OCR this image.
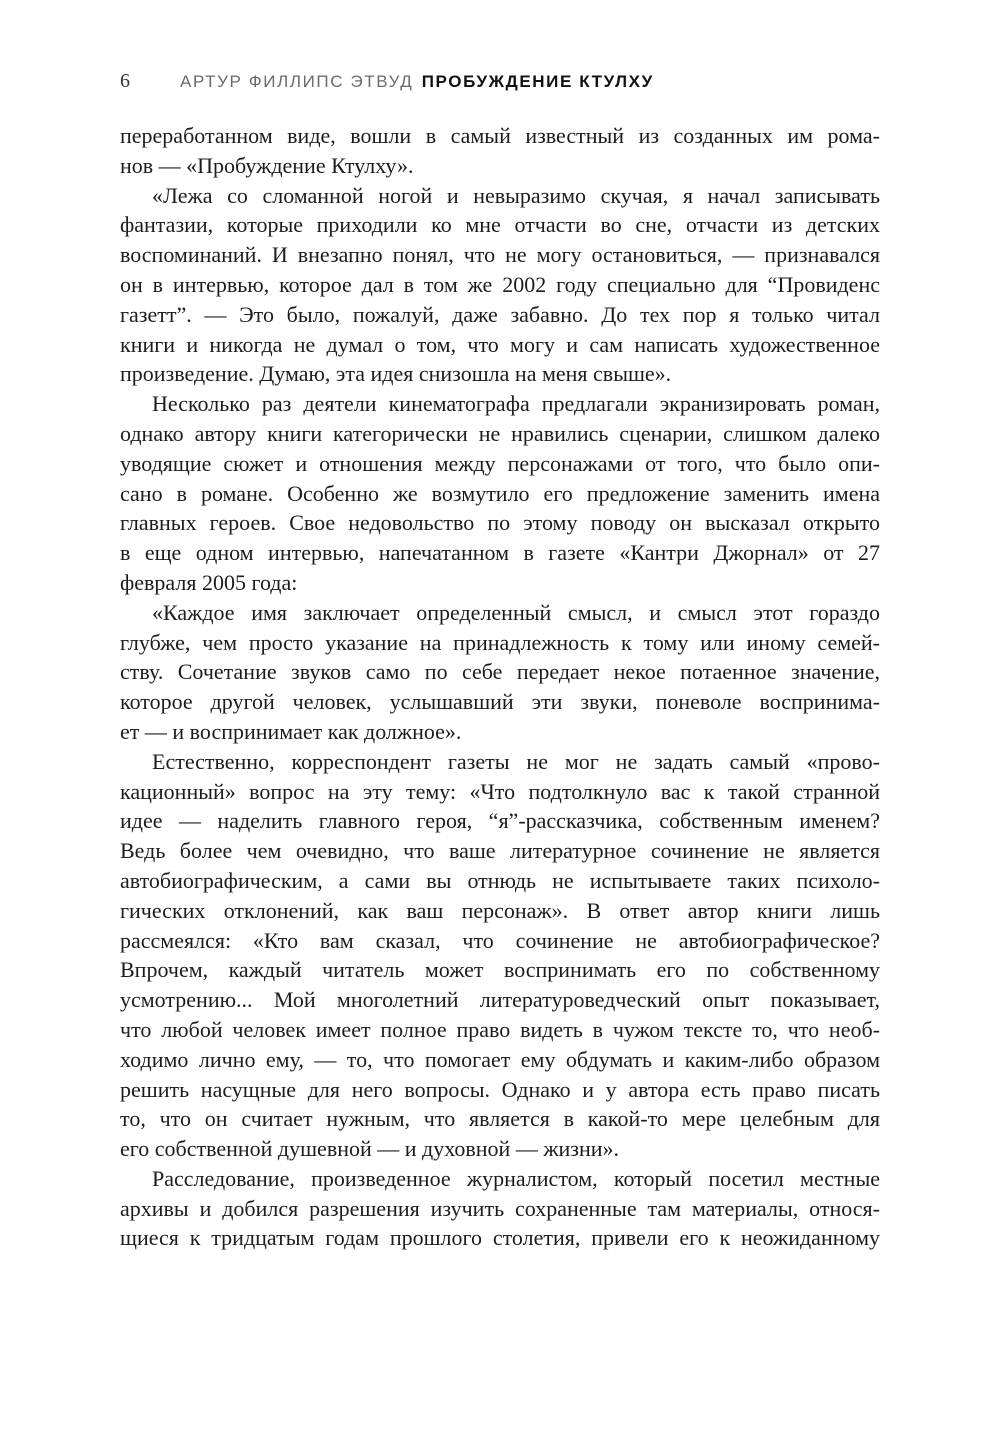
6	АРТУР ФИЛЛИПС ЭТВУД ПРОБУЖДЕНИЕ КТУЛХУ
переработанном виде, вошли в самый известный из созданных им рома-
нов — «Пробуждение Ктулху».
«Лежа со сломанной ногой и невыразимо скучая, я начал записывать
фантазии, которые приходили ко мне отчасти во сне, отчасти из детских
воспоминаний. И внезапно понял, что не могу остановиться, — признавался
он в интервью, которое дал в том же 2002 году специально для “Провиденс
газетт”. — Это было, пожалуй, даже забавно. До тех пор я только читал
книги и никогда не думал о том, что могу и сам написать художественное
произведение. Думаю, эта идея снизошла на меня свыше».
Несколько раз деятели кинематографа предлагали экранизировать роман,
однако автору книги категорически не нравились сценарии, слишком далеко
уводящие сюжет и отношения между персонажами от того, что было опи-
сано в романе. Особенно же возмутило его предложение заменить имена
главных героев. Свое недовольство по этому поводу он высказал открыто
в еще одном интервью, напечатанном в газете «Кантри Джорнал» от 27
февраля 2005 года:
«Каждое имя заключает определенный смысл, и смысл этот гораздо
глубже, чем просто указание на принадлежность к тому или иному семей-
ству. Сочетание звуков само по себе передает некое потаенное значение,
которое другой человек, услышавший эти звуки, поневоле воспринима-
ет — и воспринимает как должное».
Естественно, корреспондент газеты не мог не задать самый «прово-
кационный» вопрос на эту тему: «Что подтолкнуло вас к такой странной
идее — наделить главного героя, “я”-рассказчика, собственным именем?
Ведь более чем очевидно, что ваше литературное сочинение не является
автобиографическим, а сами вы отнюдь не испытываете таких психоло-
гических отклонений, как ваш персонаж». В ответ автор книги лишь
рассмеялся: «Кто вам сказал, что сочинение не автобиографическое?
Впрочем, каждый читатель может воспринимать его по собственному
усмотрению... Мой многолетний литературоведческий опыт показывает,
что любой человек имеет полное право видеть в чужом тексте то, что необ-
ходимо лично ему, — то, что помогает ему обдумать и каким-либо образом
решить насущные для него вопросы. Однако и у автора есть право писать
то, что он считает нужным, что является в какой-то мере целебным для
его собственной душевной — и духовной — жизни».
Расследование, произведенное журналистом, который посетил местные
архивы и добился разрешения изучить сохраненные там материалы, относя-
щиеся к тридцатым годам прошлого столетия, привели его к неожиданному
